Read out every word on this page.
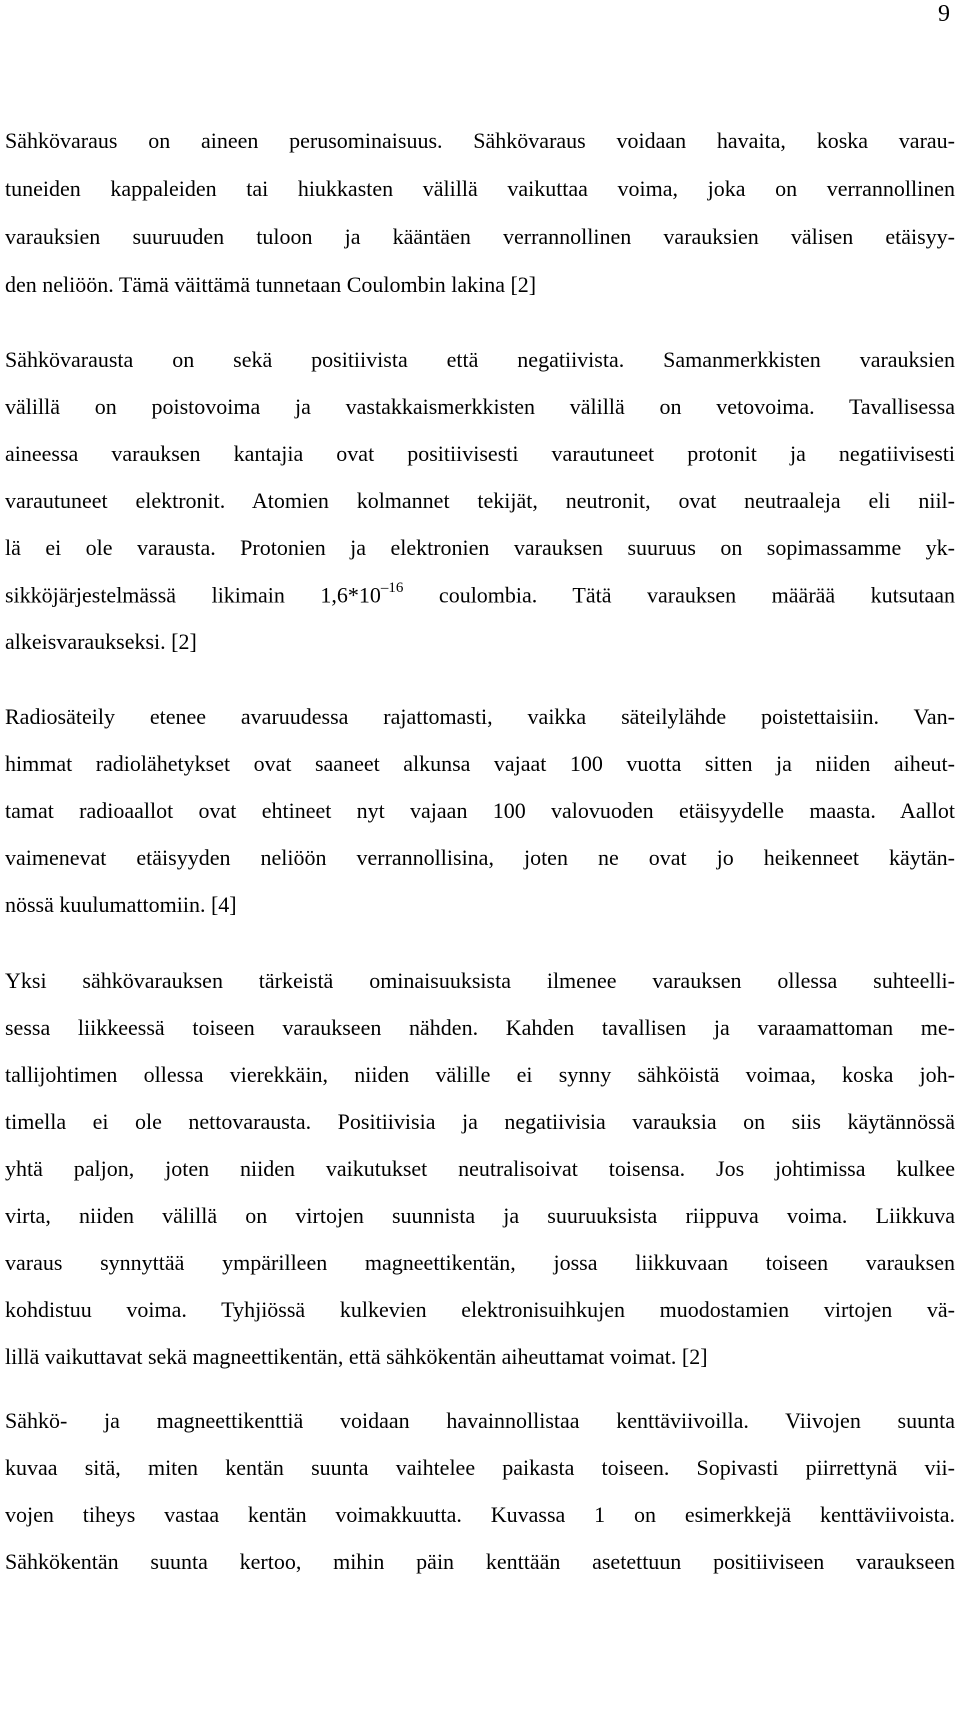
9
Sähkövaraus on aineen perusominaisuus. Sähkövaraus voidaan havaita, koska varau-
tuneiden kappaleiden tai hiukkasten välillä vaikuttaa voima, joka on verrannollinen
varauksien suuruuden tuloon ja kääntäen verrannollinen varauksien välisen etäisyy-
den neliöön. Tämä väittämä tunnetaan Coulombin lakina [2]
Sähkövarausta on sekä positiivista että negatiivista. Samanmerkkisten varauksien
välillä on poistovoima ja vastakkaismerkkisten välillä on vetovoima. Tavallisessa
aineessa varauksen kantajia ovat positiivisesti varautuneet protonit ja negatiivisesti
varautuneet elektronit. Atomien kolmannet tekijät, neutronit, ovat neutraaleja eli niil-
lä ei ole varausta. Protonien ja elektronien varauksen suuruus on sopimassamme yk-
sikköjärjestelmässä likimain $1,6*10^{-16}$ coulombia. Tätä varauksen määrää kutsutaan
alkeisvaraukseksi. [2]
Radiosäteily etenee avaruudessa rajattomasti, vaikka säteilylähde poistettaisiin. Van-
himmat radiolähetykset ovat saaneet alkunsa vajaat 100 vuotta sitten ja niiden aiheut-
tamat radioaallot ovat ehtineet nyt vajaan 100 valovuoden etäisyydelle maasta. Aallot
vaimenevat etäisyyden neliöön verrannollisina, joten ne ovat jo heikenneet käytän-
nössä kuulumattomiin. [4]
Yksi sähkövarauksen tärkeistä ominaisuuksista ilmenee varauksen ollessa suhteelli-
sessa liikkeessä toiseen varaukseen nähden. Kahden tavallisen ja varaamattoman me-
tallijohtimen ollessa vierekkäin, niiden välille ei synny sähköistä voimaa, koska joh-
timella ei ole nettovarausta. Positiivisia ja negatiivisia varauksia on siis käytännössä
yhtä paljon, joten niiden vaikutukset neutralisoivat toisensa. Jos johtimissa kulkee
virta, niiden välillä on virtojen suunnista ja suuruuksista riippuva voima. Liikkuva
varaus synnyttää ympärilleen magneettikentän, jossa liikkuvaan toiseen varauksen
kohdistuu voima. Tyhjiössä kulkevien elektronisuihkujen muodostamien virtojen vä-
lillä vaikuttavat sekä magneettikentän, että sähkökentän aiheuttamat voimat. [2]
Sähkö- ja magneettikenttiä voidaan havainnollistaa kenttäviivoilla. Viivojen suunta
kuvaa sitä, miten kentän suunta vaihtelee paikasta toiseen. Sopivasti piirrettynä vii-
vojen tiheys vastaa kentän voimakkuutta. Kuvassa 1 on esimerkkejä kenttäviivoista.
Sähkökentän suunta kertoo, mihin päin kenttään asetettuun positiiviseen varaukseen
